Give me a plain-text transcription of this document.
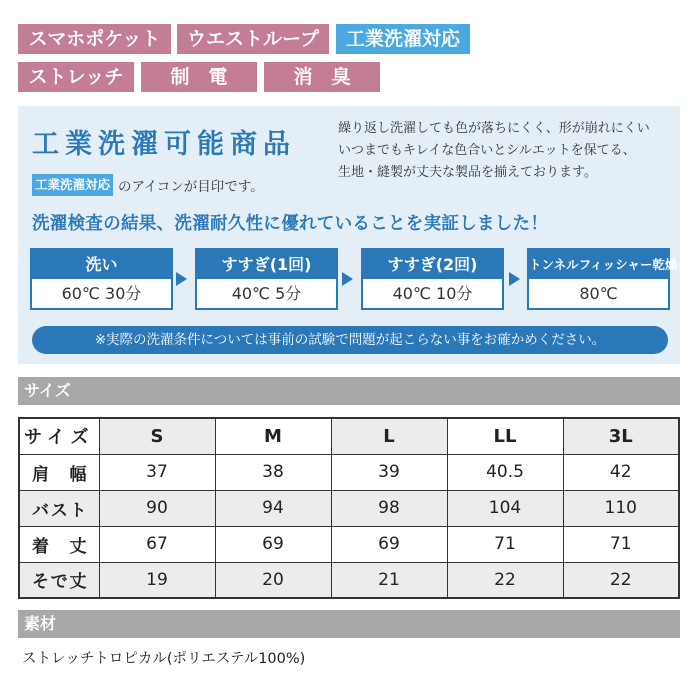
スマホポケット	ウエストループ	工業洗濯対応
ストレッチ	制　電	消　臭
工業洗濯可能商品
繰り返し洗濯しても色が落ちにくく、形が崩れにくい
いつまでもキレイな色合いとシルエットを保てる、
生地・縫製が丈夫な製品を揃えております。
工業洗濯対応 のアイコンが目印です。
洗濯検査の結果、洗濯耐久性に優れていることを実証しました！
洗い
60℃ 30分
すすぎ(1回)
40℃ 5分
すすぎ(2回)
40℃ 10分
トンネルフィッシャー乾燥
80℃
※実際の洗濯条件については事前の試験で問題が起こらない事をお確かめください。
サイズ
サイズ	S	M	L	LL	3L
肩幅	37	38	39	40.5	42
バスト	90	94	98	104	110
着丈	67	69	69	71	71
そで丈	19	20	21	22	22
素材
ストレッチトロピカル(ポリエステル100%)
